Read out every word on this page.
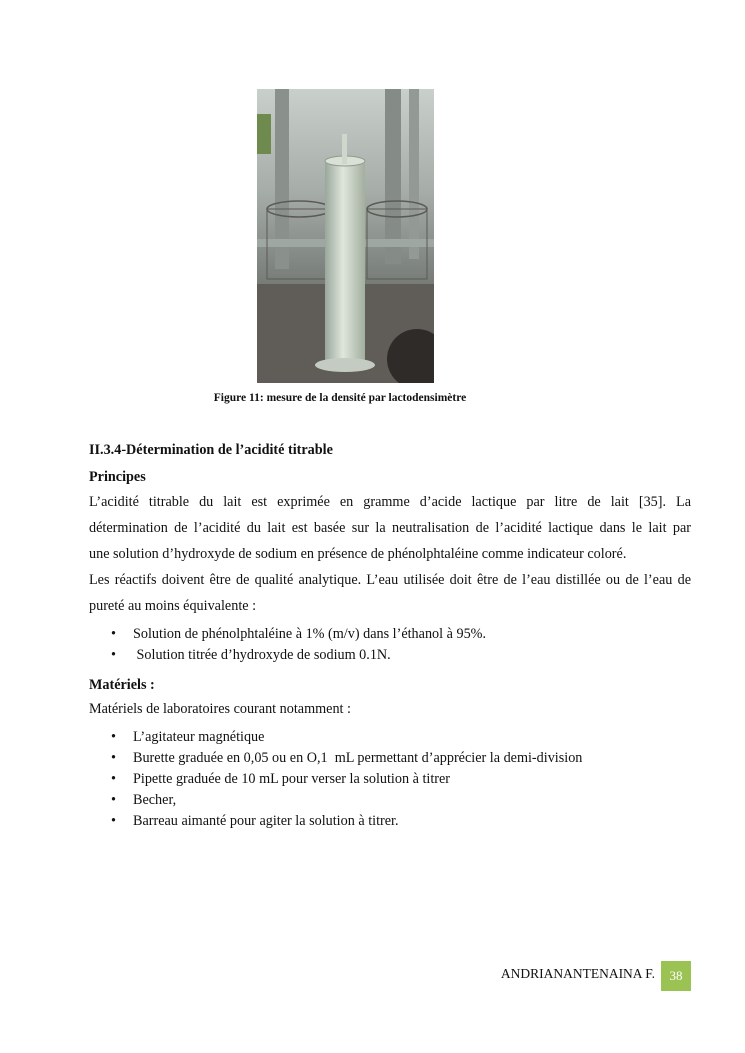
Figure 11: mesure de la densité par lactodensimètre
II.3.4-Détermination de l’acidité titrable
Principes
L’acidité titrable du lait est exprimée en gramme d’acide lactique par litre de lait [35]. La
détermination de l’acidité du lait est basée sur la neutralisation de l’acidité lactique dans le lait par
une solution d’hydroxyde de sodium en présence de phénolphtaléine comme indicateur coloré.
Les réactifs doivent être de qualité analytique. L’eau utilisée doit être de l’eau distillée ou de l’eau de
pureté au moins équivalente :
• Solution de phénolphtaléine à 1% (m/v) dans l’éthanol à 95%.
• Solution titrée d’hydroxyde de sodium 0.1N.
Matériels :
Matériels de laboratoires courant notamment :
• L’agitateur magnétique
• Burette graduée en 0,05 ou en O,1  mL permettant d’apprécier la demi-division
• Pipette graduée de 10 mL pour verser la solution à titrer
• Becher,
• Barreau aimanté pour agiter la solution à titrer.
ANDRIANANTENAINA F.	38
